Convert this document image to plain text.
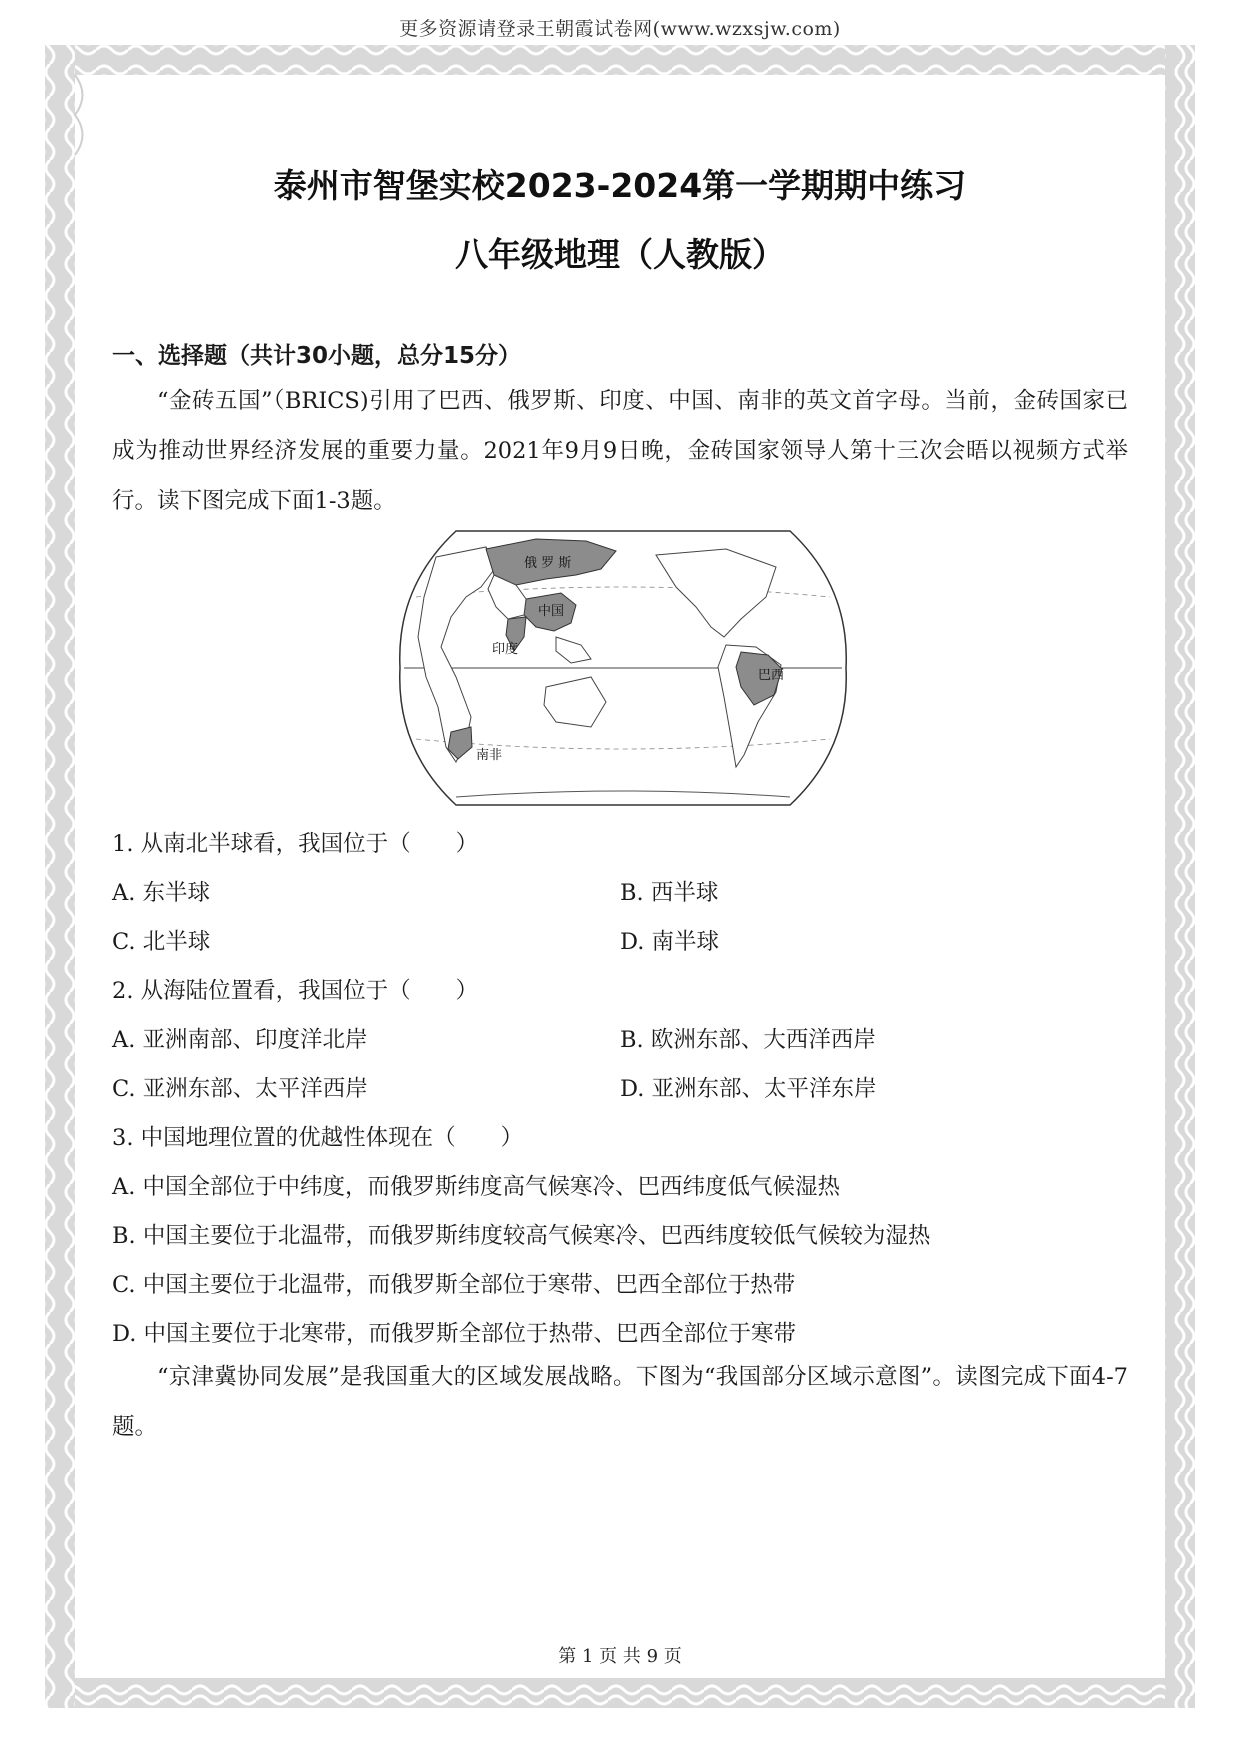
更多资源请登录王朝霞试卷网(www.wzxsjw.com)
泰州市智堡实校2023-2024第一学期期中练习
八年级地理（人教版）
一、选择题（共计30小题，总分15分）
“金砖五国”（BRICS)引用了巴西、俄罗斯、印度、中国、南非的英文首字母。当前，金砖国家已成为推动世界经济发展的重要力量。2021年9月9日晚，金砖国家领导人第十三次会晤以视频方式举行。读下图完成下面1-3题。
俄 罗 斯
中国
印度
巴西
南非
1. 从南北半球看，我国位于（　　）
A. 东半球	B. 西半球
C. 北半球	D. 南半球
2. 从海陆位置看，我国位于（　　）
A. 亚洲南部、印度洋北岸	B. 欧洲东部、大西洋西岸
C. 亚洲东部、太平洋西岸	D. 亚洲东部、太平洋东岸
3. 中国地理位置的优越性体现在（　　）
A. 中国全部位于中纬度，而俄罗斯纬度高气候寒冷、巴西纬度低气候湿热
B. 中国主要位于北温带，而俄罗斯纬度较高气候寒冷、巴西纬度较低气候较为湿热
C. 中国主要位于北温带，而俄罗斯全部位于寒带、巴西全部位于热带
D. 中国主要位于北寒带，而俄罗斯全部位于热带、巴西全部位于寒带
“京津冀协同发展”是我国重大的区域发展战略。下图为“我国部分区域示意图”。读图完成下面4-7题。
第 1 页 共 9 页
